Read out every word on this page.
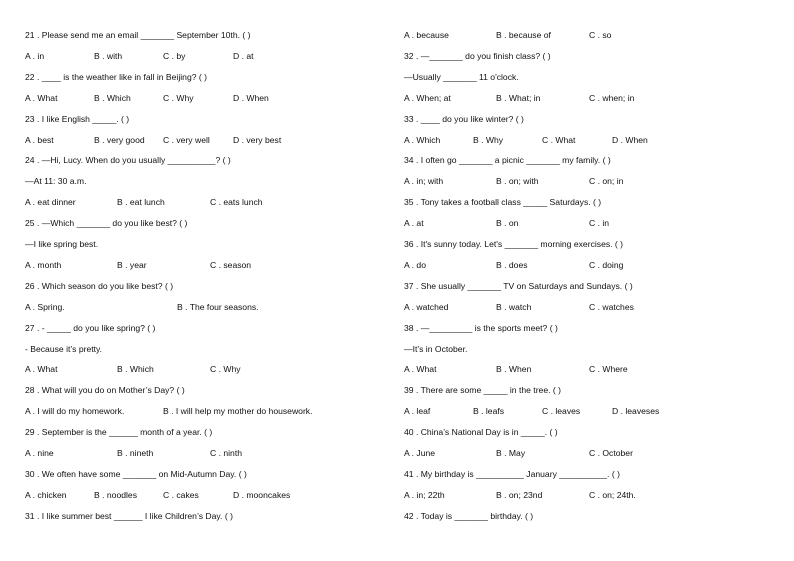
21 . Please send me an email _______ September 10th. ( )
A . in	B . with	C . by	D . at
22 . ____ is the weather like in fall in Beijing? ( )
A . What	B . Which	C . Why	D . When
23 . I like English _____. ( )
A . best	B . very good C . very well	D . very best
24 . —Hi, Lucy. When do you usually __________? ( )
—At 11: 30 a.m.
A . eat dinner	B . eat lunch	C . eats lunch
25 . —Which _______ do you like best? ( )
—I like spring best.
A . month	B . year	C . season
26 . Which season do you like best? ( )
A . Spring.	B . The four seasons.
27 . - _____ do you like spring? ( )
- Because it’s pretty.
A . What	B . Which	C . Why
28 . What will you do on Mother’s Day? ( )
A . I will do my homework.	B . I will help my mother do housework.
29 . September is the ______ month of a year. ( )
A . nine	B . nineth	C . ninth
30 . We often have some _______ on Mid-Autumn Day. ( )
A . chicken	B . noodles	C . cakes	D . mooncakes
31 . I like summer best ______ I like Children’s Day. ( )
A . because	B . because of	C . so
32 . —_______ do you finish class? ( )
—Usually _______ 11 o'clock.
A . When; at	B . What; in	C . when; in
33 . ____ do you like winter? ( )
A . Which	B . Why	C . What	D . When
34 . I often go _______ a picnic _______ my family. ( )
A . in; with	B . on; with	C . on; in
35 . Tony takes a football class _____ Saturdays. ( )
A . at	B . on	C . in
36 . It's sunny today. Let's _______ morning exercises. ( )
A . do	B . does	C . doing
37 . She usually _______ TV on Saturdays and Sundays. ( )
A . watched	B . watch	C . watches
38 . —_________ is the sports meet? ( )
—It’s in October.
A . What	B . When	C . Where
39 . There are some _____ in the tree. ( )
A . leaf	B . leafs	C . leaves	D . leaveses
40 . China’s National Day is in _____. ( )
A . June	B . May	C . October
41 . My birthday is __________ January __________. ( )
A . in; 22th	B . on; 23nd	C . on; 24th.
42 . Today is _______ birthday. ( )
